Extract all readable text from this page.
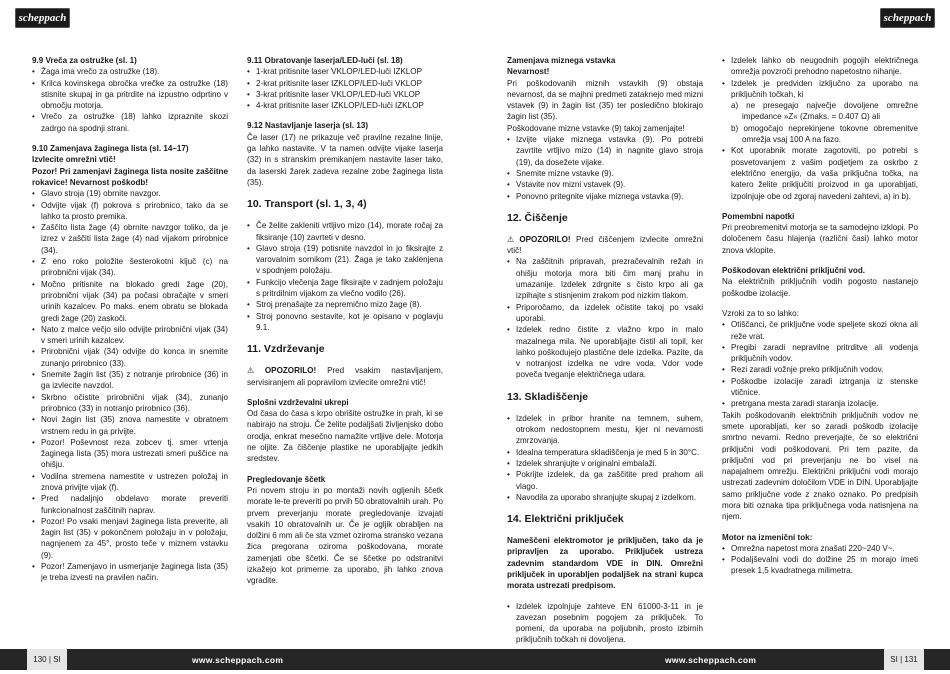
scheppach	scheppach

9.9 Vreča za ostružke (sl. 1)

• Žaga ima vrečo za ostružke (18).
• Krilca kovinskega obročka vrečke za ostružke (18) stisnite skupaj in ga pritrdite na izpustno odprtino v območju motorja.
• Vrečo za ostružke (18) lahko izpraznite skozi zadrgo na spodnji strani.

9.10 Zamenjava žaginega lista (sl. 14–17)

Izvlecite omrežni vtič!

Pozor! Pri zamenjavi žaginega lista nosite zaščitne rokavice! Nevarnost poškodb!

• Glavo stroja (19) obrnite navzgor.
• Odvijte vijak (f) pokrova s prirobnico, tako da se lahko ta prosto premika.
• Zaščito lista žage (4) obrnite navzgor toliko, da je izrez v zaščiti lista žage (4) nad vijakom prirobnice (34).
• Z eno roko položite šesterokotni ključ (c) na prirobnični vijak (34).
• Močno pritisnite na blokado gredi žage (20), prirobnični vijak (34) pa počasi obračajte v smeri urinih kazalcev. Po maks. enem obratu se blokada gredi žage (20) zaskoči.
• Nato z malce večjo silo odvijte prirobnični vijak (34) v smeri urinih kazalcev.
• Prirobnični vijak (34) odvijte do konca in snemite zunanjo prirobnico (33).
• Snemite žagin list (35) z notranje prirobnice (36) in ga izvlecite navzdol.
• Skrbno očistite prirobnični vijak (34), zunanjo prirobnico (33) in notranjo prirobnico (36).
• Novi žagin list (35) znova namestite v obratnem vrstnem redu in ga privijte.
• Pozor! Poševnost reza zobcev tj. smer vrtenja žaginega lista (35) mora ustrezati smeri puščice na ohišju.
• Vodilna stremena namestite v ustrezen položaj in znova privijte vijak (f).
• Pred nadaljnjo obdelavo morate preveriti funkcionalnost zaščitnih naprav.
• Pozor! Po vsaki menjavi žaginega lista preverite, ali žagin list (35) v pokončnem položaju in v položaju, nagnjenem za 45°, prosto teče v miznem vstavku (9).
• Pozor! Zamenjavo in usmerjanje žaginega lista (35) je treba izvesti na pravilen način.

9.11 Obratovanje laserja/LED-luči (sl. 18)

• 1-krat pritisnite laser VKLOP/LED-luči IZKLOP
• 2-krat pritisnite laser IZKLOP/LED-luči VKLOP
• 3-krat pritisnite laser VKLOP/LED-luči VKLOP
• 4-krat pritisnite laser IZKLOP/LED-luči IZKLOP

9.12 Nastavljanje laserja (sl. 13)

Če laser (17) ne prikazuje več pravilne rezalne linije, ga lahko nastavite. V ta namen odvijte vijake laserja (32) in s stranskim premikanjem nastavite laser tako, da laserski žarek zadeva rezalne zobe žaginega lista (35).

10. Transport (sl. 1, 3, 4)
• Če želite zakleniti vrtljivo mizo (14), morate ročaj za fiksiranje (10) zavrteti v desno.
• Glavo stroja (19) potisnite navzdol in jo fiksirajte z varovalnim sornikom (21). Žaga je tako zaklenjena v spodnjem položaju.
• Funkcijo vlečenja žage fiksirajte v zadnjem položaju s pritrdilnim vijakom za vlečno vodilo (26).
• Stroj prenašajte za nepremično mizo žage (8).
• Stroj ponovno sestavite, kot je opisano v poglavju 9.1.
11. Vzdrževanje

⚠ OPOZORILO! Pred vsakim nastavljanjem, servisiranjem ali popravilom izvlecite omrežni vtič!

Splošni vzdrževalni ukrepi

Od časa do časa s krpo obrišite ostružke in prah, ki se nabirajo na stroju. Če želite podaljšati življenjsko dobo orodja, enkrat mesečno namažite vrtljive dele. Motorja ne oljite. Za čiščenje plastike ne uporabljajte jedkih sredstev.

Pregledovanje ščetk

Pri novem stroju in po montaži novih ogljenih ščetk morate le-te preveriti po prvih 50 obratovalnih urah. Po prvem preverjanju morate pregledovanje izvajati vsakih 10 obratovalnih ur. Če je ogljik obrabljen na dolžini 6 mm ali če sta vzmet oziroma stransko vezana žica pregorana oziroma poškodovana, morate zamenjati obe ščetki. Če se ščetke po odstranitvi izkažejo kot primerne za uporabo, jih lahko znova vgradite.

Zamenjava miznega vstavka

Nevarnost!

Pri poškodovanih miznih vstavkih (9) obstaja nevarnost, da se majhni predmeti zataknejo med mizni vstavek (9) in žagin list (35) ter posledično blokirajo žagin list (35).

Poškodovane mizne vstavke (9) takoj zamenjajte!

• Izvijte vijake miznega vstavka (9). Po potrebi zavrtite vrtljivo mizo (14) in nagnite glavo stroja (19), da dosežete vijake.
• Snemite mizne vstavke (9).
• Vstavite nov mizni vstavek (9).
• Ponovno pritegnite vijake miznega vstavka (9).
12. Čiščenje

⚠ OPOZORILO! Pred čiščenjem izvlecite omrežni vtič!

• Na zaščitnih pripravah, prezračevalnih režah in ohišju motorja mora biti čim manj prahu in umazanije. Izdelek zdrgnite s čisto krpo ali ga izpihajte s stisnjenim zrakom pod nizkim tlakom.
• Priporočamo, da izdelek očistite takoj po vsaki uporabi.
• Izdelek redno čistite z vlažno krpo in malo mazalnega mila. Ne uporabljajte čistil ali topil, ker lahko poškodujejo plastične dele izdelka. Pazite, da v notranjost izdelka ne vdre voda. Vdor vode poveča tveganje električnega udara.
13. Skladiščenje
• Izdelek in pribor hranite na temnem, suhem, otrokom nedostopnem mestu, kjer ni nevarnosti zmrzovanja.
• Idealna temperatura skladiščenja je med 5 in 30°C.
• Izdelek shranjujte v originalni embalaži.
• Pokrijte izdelek, da ga zaščitite pred prahom ali vlago.
• Navodila za uporabo shranjujte skupaj z izdelkom.
14. Električni priključek

Nameščeni elektromotor je priključen, tako da je pripravljen za uporabo. Priključek ustreza zadevnim standardom VDE in DIN. Omrežni priključek in uporabljen podaljšek na strani kupca morata ustrezati predpisom.

• Izdelek izpolnjuje zahteve EN 61000-3-11 in je zavezan posebnim pogojem za priključek. To pomeni, da uporaba na poljubnih, prosto izbirnih priključnih točkah ni dovoljena.
• Izdelek lahko ob neugodnih pogojih električnega omrežja povzroči prehodno napetostno nihanje.
• Izdelek je predviden izključno za uporabo na priključnih točkah, ki

a) ne presegajo največje dovoljene omrežne impedance »Z« (Zmaks. = 0.407 Ω) ali

b) omogočajo neprekinjene tokovne obremenitve omrežja vsaj 100 A na fazo.

• Kot uporabnik morate zagotoviti, po potrebi s posvetovanjem z vašim podjetjem za oskrbo z električno energijo, da vaša priključna točka, na katero želite priključiti proizvod in ga uporabljati, izpolnjuje obe od zgoraj navedeni zahtevi, a) in b).

Pomembni napotki

Pri preobremenitvi motorja se ta samodejno izklopi. Po določenem času hlajenja (različni časi) lahko motor znova vklopite.

Poškodovan električni priključni vod.

Na električnih priključnih vodih pogosto nastanejo poškodbe izolacije.

Vzroki za to so lahko:

• Otiščanci, če priključne vode speljete skozi okna ali reže vrat.
• Pregibi zaradi nepravilne pritrditve ali vodenja priključnih vodov.
• Rezi zaradi vožnje preko priključnih vodov.
• Poškodbe izolacije zaradi iztrganja iz stenske vtičnice.
• pretrgana mesta zaradi staranja izolacije.

Takih poškodovanih električnih priključnih vodov ne smete uporabljati, ker so zaradi poškodb izolacije smrtno nevarni. Redno preverjajte, če so električni priključni vodi poškodovani. Pri tem pazite, da priključni vod pri preverjanju ne bo visel na napajalnem omrežju. Električni priključni vodi morajo ustrezati zadevnim določilom VDE in DIN. Uporabljajte samo priključne vode z znako oznako. Po predpisih mora biti oznaka tipa priključnega voda natisnjena na njem.

Motor na izmenični tok:

• Omrežna napetost mora znašati 220~240 V~.
• Podaljševalni vodi do dolžine 25 m morajo imeti presek 1,5 kvadratnega milimetra.
130 | SI	SI | 131
www.scheppach.com	www.scheppach.com
